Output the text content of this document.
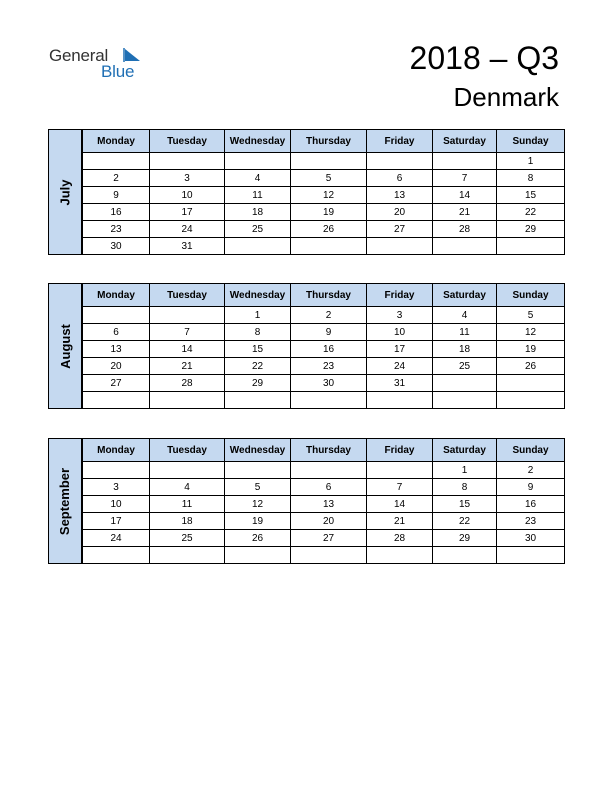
General
Blue	2018 – Q3
Denmark
July
Monday	Tuesday	Wednesday	Thursday	Friday	Saturday	Sunday
						1
2	3	4	5	6	7	8
9	10	11	12	13	14	15
16	17	18	19	20	21	22
23	24	25	26	27	28	29
30	31					
August
Monday	Tuesday	Wednesday	Thursday	Friday	Saturday	Sunday
		1	2	3	4	5
6	7	8	9	10	11	12
13	14	15	16	17	18	19
20	21	22	23	24	25	26
27	28	29	30	31		

September
Monday	Tuesday	Wednesday	Thursday	Friday	Saturday	Sunday
					1	2
3	4	5	6	7	8	9
10	11	12	13	14	15	16
17	18	19	20	21	22	23
24	25	26	27	28	29	30
